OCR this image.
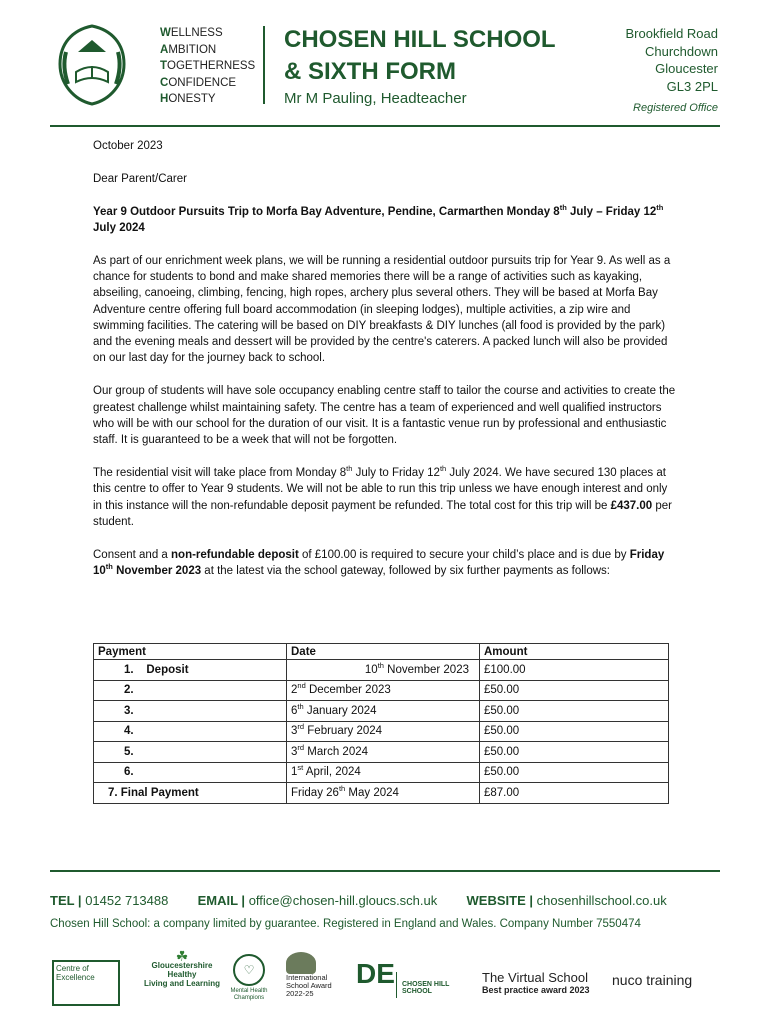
WELLNESS
AMBITION
TOGETHERNESS
CONFIDENCE
HONESTY
CHOSEN HILL SCHOOL
& SIXTH FORM
Mr M Pauling, Headteacher
Brookfield Road
Churchdown
Gloucester
GL3 2PL
Registered Office

October 2023

Dear Parent/Carer

Year 9 Outdoor Pursuits Trip to Morfa Bay Adventure, Pendine, Carmarthen Monday 8th July – Friday 12th July 2024

As part of our enrichment week plans, we will be running a residential outdoor pursuits trip for Year 9. As well as a chance for students to bond and make shared memories there will be a range of activities such as kayaking, abseiling, canoeing, climbing, fencing, high ropes, archery plus several others. They will be based at Morfa Bay Adventure centre offering full board accommodation (in sleeping lodges), multiple activities, a zip wire and swimming facilities. The catering will be based on DIY breakfasts & DIY lunches (all food is provided by the park) and the evening meals and dessert will be provided by the centre's caterers. A packed lunch will also be provided on our last day for the journey back to school.

Our group of students will have sole occupancy enabling centre staff to tailor the course and activities to create the greatest challenge whilst maintaining safety. The centre has a team of experienced and well qualified instructors who will be with our school for the duration of our visit. It is a fantastic venue run by professional and enthusiastic staff. It is guaranteed to be a week that will not be forgotten.

The residential visit will take place from Monday 8th July to Friday 12th July 2024. We have secured 130 places at this centre to offer to Year 9 students. We will not be able to run this trip unless we have enough interest and only in this instance will the non-refundable deposit payment be refunded. The total cost for this trip will be £437.00 per student.

Consent and a non-refundable deposit of £100.00 is required to secure your child’s place and is due by Friday 10th November 2023 at the latest via the school gateway, followed by six further payments as follows:

Payment	Date	Amount
1.    Deposit	10th November 2023	£100.00
2.	2nd December 2023	£50.00
3.	6th January 2024	£50.00
4.	3rd February 2024	£50.00
5.	3rd March 2024	£50.00
6.	1st April, 2024	£50.00
7. Final Payment	Friday 26th May 2024	£87.00
TEL | 01452 713488 EMAIL | office@chosen-hill.gloucs.sch.uk WEBSITE | chosenhillschool.co.uk
Chosen Hill School: a company limited by guarantee. Registered in England and Wales. Company Number 7550474
Centre of Excellence
☘
Gloucestershire
Healthy
Living and Learning
♡
Mental Health Champions
International
School Award
2022-25
DE CHOSEN HILL SCHOOL
The Virtual School
Best practice award 2023
nuco training
